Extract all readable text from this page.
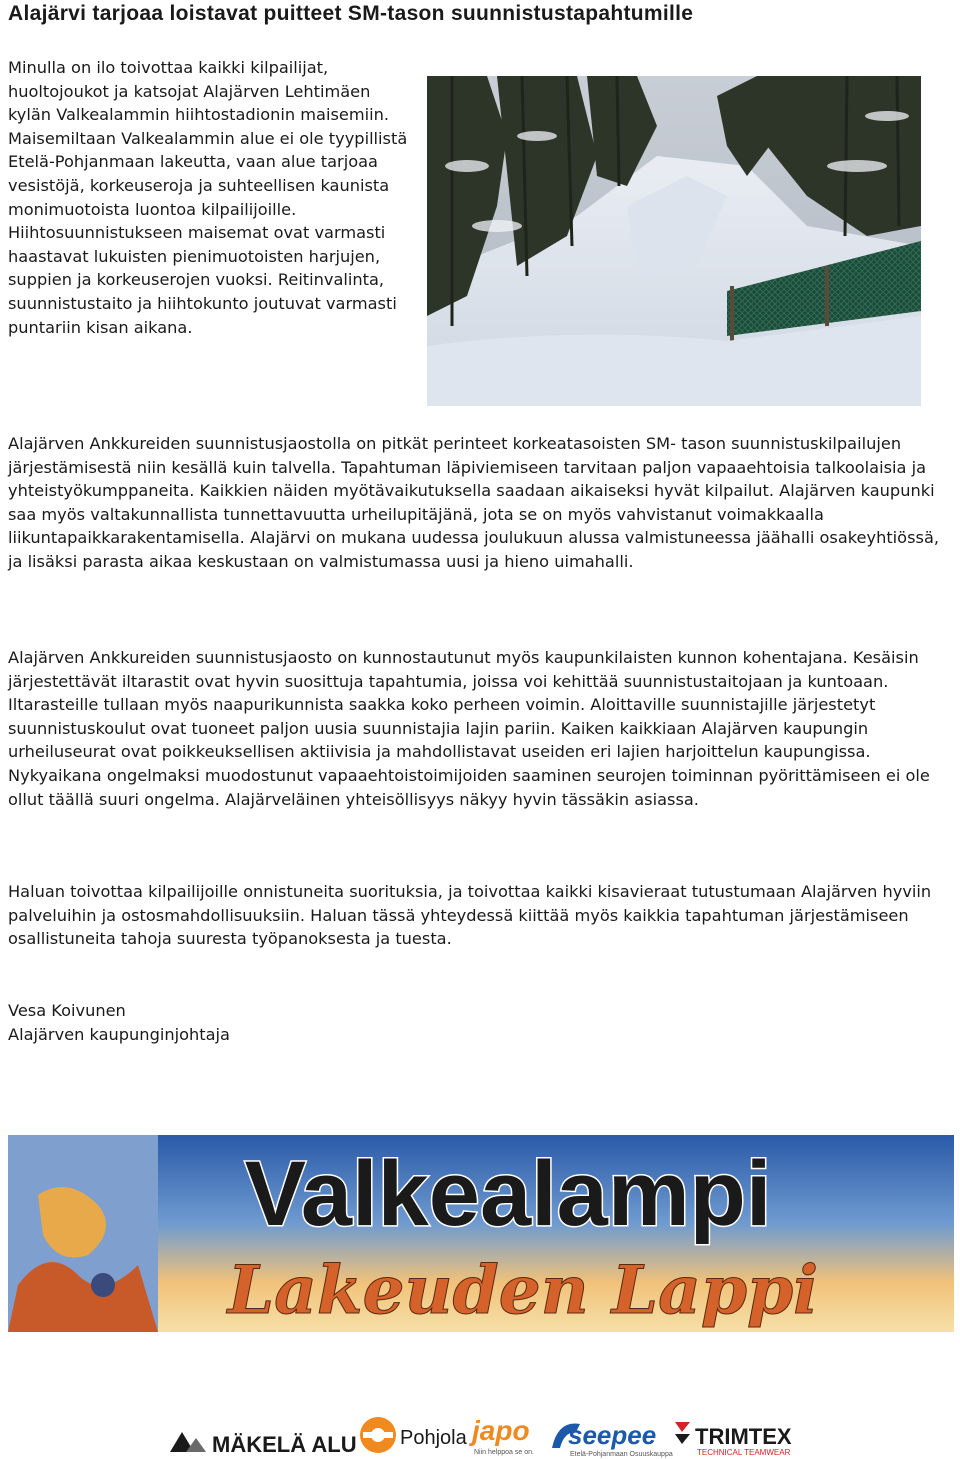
Alajärvi tarjoaa loistavat puitteet SM-tason suunnistustapahtumille

Minulla on ilo toivottaa kaikki kilpailijat, huoltojoukot ja katsojat Alajärven Lehtimäen kylän Valkealammin hiihtostadionin maisemiin. Maisemiltaan Valkealammin alue ei ole tyypillistä Etelä-Pohjanmaan lakeutta, vaan alue tarjoaa vesistöjä, korkeuseroja ja suhteellisen kaunista monimuotoista luontoa kilpailijoille. Hiihtosuunnistukseen maisemat ovat varmasti haastavat lukuisten pienimuotoisten harjujen, suppien ja korkeuserojen vuoksi. Reitinvalinta, suunnistustaito ja hiihtokunto joutuvat varmasti puntariin kisan aikana.

Alajärven Ankkureiden suunnistusjaostolla on pitkät perinteet korkeatasoisten SM- tason suunnistuskilpailujen järjestämisestä niin kesällä kuin talvella. Tapahtuman läpiviemiseen tarvitaan paljon vapaaehtoisia talkoolaisia ja yhteistyökumppaneita. Kaikkien näiden myötävaikutuksella saadaan aikaiseksi hyvät kilpailut. Alajärven kaupunki saa myös valtakunnallista tunnettavuutta urheilupitäjänä, jota se on myös vahvistanut voimakkaalla liikuntapaikkarakentamisella. Alajärvi on mukana uudessa joulukuun alussa valmistuneessa jäähalli osakeyhtiössä, ja lisäksi parasta aikaa keskustaan on valmistumassa uusi ja hieno uimahalli.

Alajärven Ankkureiden suunnistusjaosto on kunnostautunut myös kaupunkilaisten kunnon kohentajana. Kesäisin järjestettävät iltarastit ovat hyvin suosittuja tapahtumia, joissa voi kehittää suunnistustaitojaan ja kuntoaan. Iltarasteille tullaan myös naapurikunnista saakka koko perheen voimin. Aloittaville suunnistajille järjestetyt suunnistuskoulut ovat tuoneet paljon uusia suunnistajia lajin pariin. Kaiken kaikkiaan Alajärven kaupungin urheiluseurat ovat poikkeuksellisen aktiivisia ja mahdollistavat useiden eri lajien harjoittelun kaupungissa. Nykyaikana ongelmaksi muodostunut vapaaehtoistoimijoiden saaminen seurojen toiminnan pyörittämiseen ei ole ollut täällä suuri ongelma. Alajärveläinen yhteisöllisyys näkyy hyvin tässäkin asiassa.

Haluan toivottaa kilpailijoille onnistuneita suorituksia, ja toivottaa kaikki kisavieraat tutustumaan Alajärven hyviin palveluihin ja ostosmahdollisuuksiin. Haluan tässä yhteydessä kiittää myös kaikkia tapahtuman järjestämiseen osallistuneita tahoja suuresta työpanoksesta ja tuesta.

Vesa Koivunen
Alajärven kaupunginjohtaja
Valkealampi
Lakeuden Lappi
MÄKELÄ ALU Pohjola japo
Niin helppoa se on.
seepee
Etelä-Pohjanmaan Osuuskauppa
TRIMTEX
TECHNICAL TEAMWEAR
